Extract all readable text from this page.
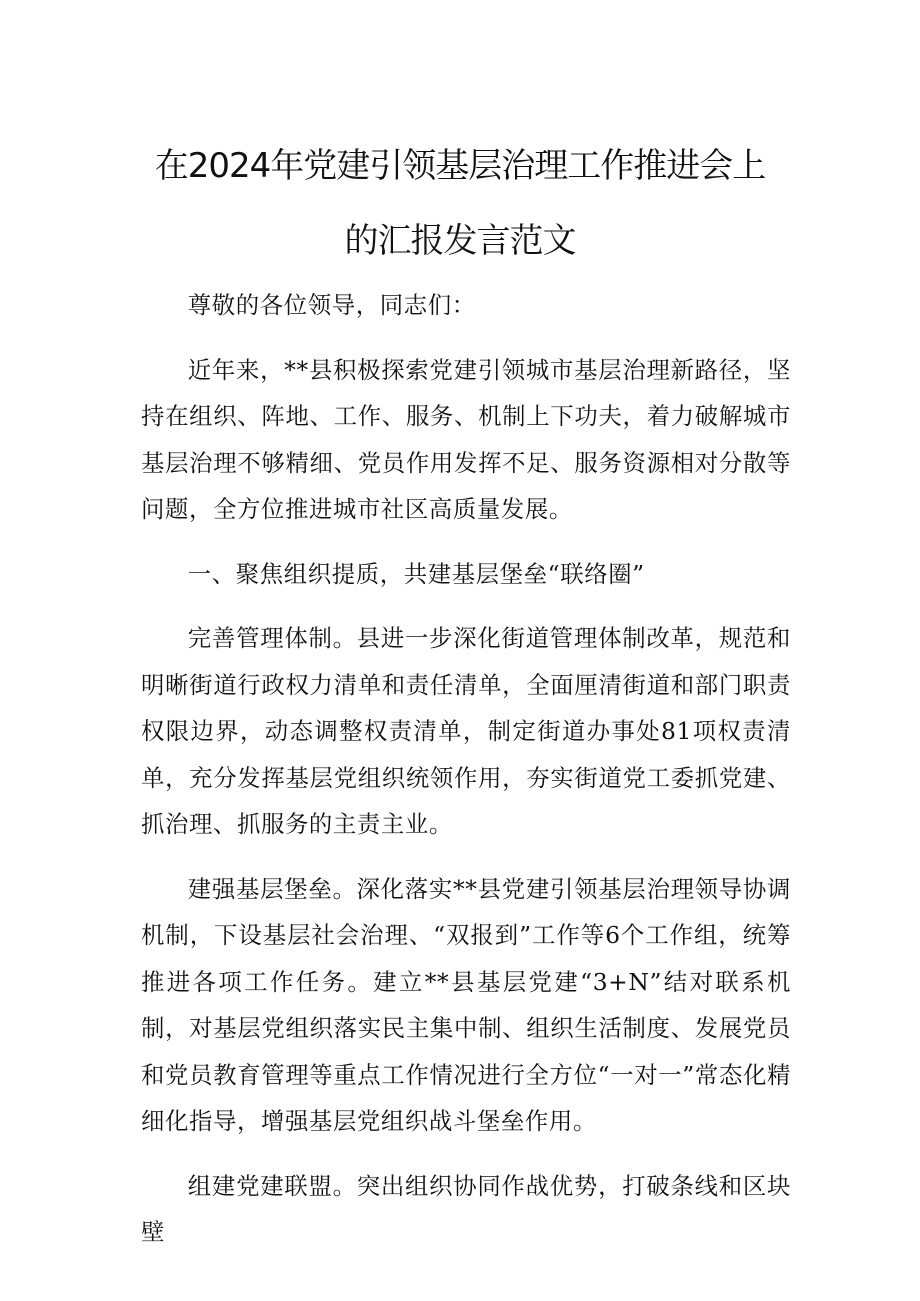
在2024年党建引领基层治理工作推进会上
的汇报发言范文

尊敬的各位领导，同志们：

近年来，**县积极探索党建引领城市基层治理新路径，坚持在组织、阵地、工作、服务、机制上下功夫，着力破解城市基层治理不够精细、党员作用发挥不足、服务资源相对分散等问题，全方位推进城市社区高质量发展。

一、聚焦组织提质，共建基层堡垒“联络圈”

完善管理体制。县进一步深化街道管理体制改革，规范和明晰街道行政权力清单和责任清单，全面厘清街道和部门职责权限边界，动态调整权责清单，制定街道办事处81项权责清单，充分发挥基层党组织统领作用，夯实街道党工委抓党建、抓治理、抓服务的主责主业。

建强基层堡垒。深化落实**县党建引领基层治理领导协调机制，下设基层社会治理、“双报到”工作等6个工作组，统筹推进各项工作任务。建立**县基层党建“3+N”结对联系机制，对基层党组织落实民主集中制、组织生活制度、发展党员和党员教育管理等重点工作情况进行全方位“一对一”常态化精细化指导，增强基层党组织战斗堡垒作用。

组建党建联盟。突出组织协同作战优势，打破条线和区块壁
